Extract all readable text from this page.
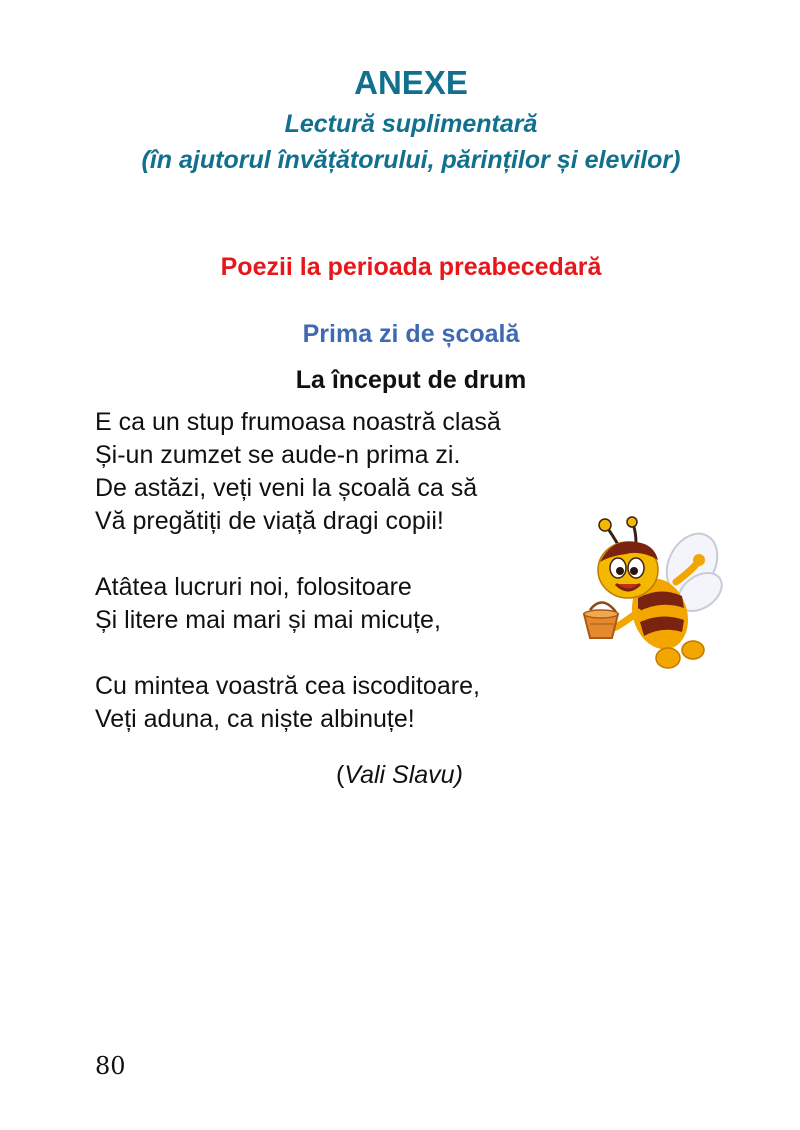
ANEXE
Lectură suplimentară
(în ajutorul învățătorului, părinților și elevilor)
Poezii la perioada preabecedară
Prima zi de școală
La început de drum

E ca un stup frumoasa noastră clasă
Și-un zumzet se aude-n prima zi.
De astăzi, veți veni la școală ca să
Vă pregătiți de viață dragi copii!

Atâtea lucruri noi, folositoare
Și litere mai mari și mai micuțe,

Cu mintea voastră cea iscoditoare,
Veți aduna, ca niște albinuțe!

(Vali Slavu)
80
